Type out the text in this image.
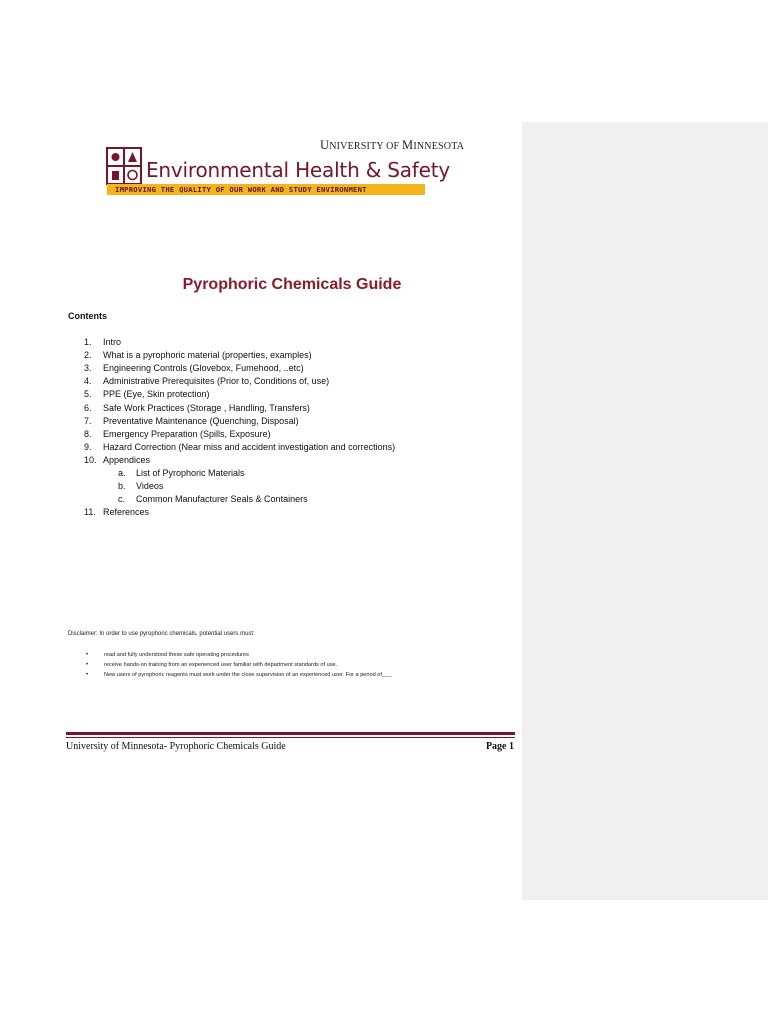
UNIVERSITY OF MINNESOTA
Environmental Health & Safety
IMPROVING THE QUALITY OF OUR WORK AND STUDY ENVIRONMENT
Pyrophoric Chemicals Guide
Contents
1. Intro
2. What is a pyrophoric material (properties, examples)
3. Engineering Controls (Glovebox, Fumehood, ..etc)
4. Administrative Prerequisites (Prior to, Conditions of, use)
5. PPE (Eye, Skin protection)
6. Safe Work Practices (Storage , Handling, Transfers)
7. Preventative Maintenance (Quenching, Disposal)
8. Emergency Preparation (Spills, Exposure)
9. Hazard Correction (Near miss and accident investigation and corrections)
10. Appendices
a. List of Pyrophoric Materials
b. Videos
c. Common Manufacturer Seals & Containers
11. References
Disclaimer: In order to use pyrophoric chemicals, potential users must:
•	read and fully understood these safe operating procedures
•	receive hands-on training from an experienced user familiar with department standards of use.
•	New users of pyrophoric reagents must work under the close supervision of an experienced user. For a period of___
University of Minnesota- Pyrophoric Chemicals Guide	Page 1
